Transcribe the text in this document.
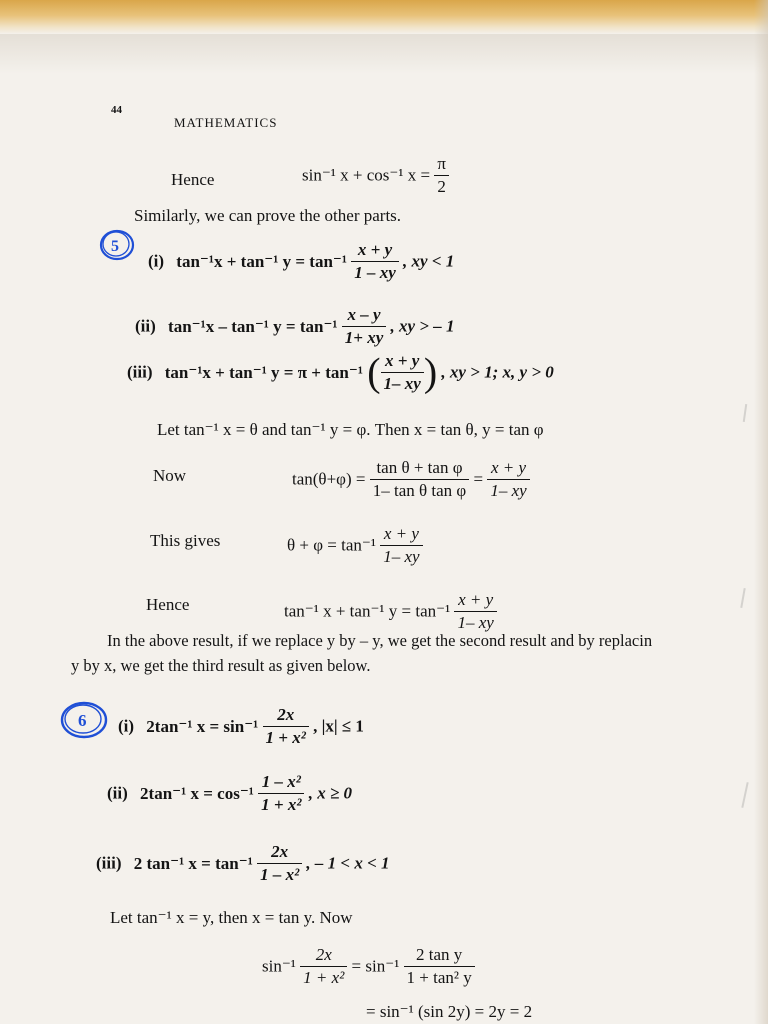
44
MATHEMATICS
Hence	sin⁻¹ x + cos⁻¹ $x = \frac{\pi}{2}$
Similarly, we can prove the other parts.
5
(i) tan⁻¹x + tan⁻¹ $y = \tan^{-1} \frac{x + y}{1 - xy}$ , xy < 1
(ii) tan⁻¹x – tan⁻¹ $y = \tan^{-1} \frac{x - y}{1+ xy}$ , xy > – 1
(iii) tan⁻¹x + tan⁻¹ y = π + tan⁻¹ ( $\frac{x + y}{1- xy}$ ) , xy > 1; x, y > 0
Let tan⁻¹ x = θ and tan⁻¹ y = φ. Then x = tan θ, y = tan φ
Now	$\tan(\theta+\varphi) = \frac{\text{tan θ + tan φ}}{\text{1– tan θ tan φ}} = \frac{x + y}{1- xy}$
This gives	$\theta + \varphi = \tan^{-1} \frac{x + y}{1- xy}$
Hence	tan⁻¹ x + tan⁻¹ $y = \tan^{-1} \frac{x + y}{1- xy}$
In the above result, if we replace y by – y, we get the second result and by replacin
y by x, we get the third result as given below.
6 (i) 2tan⁻¹ $x = \sin^{-1} \frac{2x}{\text{1 + x²}}$ , |x| ≤ 1
(ii) 2tan⁻¹ $x = \cos^{-1} \frac{\text{1 – x²}}{\text{1 + x²}}$ , x ≥ 0
(iii) 2 tan⁻¹ $x = \tan^{-1} \frac{2x}{\text{1 – x²}}$ , – 1 < x < 1
Let tan⁻¹ x = y, then x = tan y. Now
$\sin^{-1} \frac{2x}{\text{1 + x²}} = \sin^{-1} \frac{\text{2 tan y}}{\text{1 + tan² y}}$
= sin⁻¹ (sin 2y) = 2y = 2
